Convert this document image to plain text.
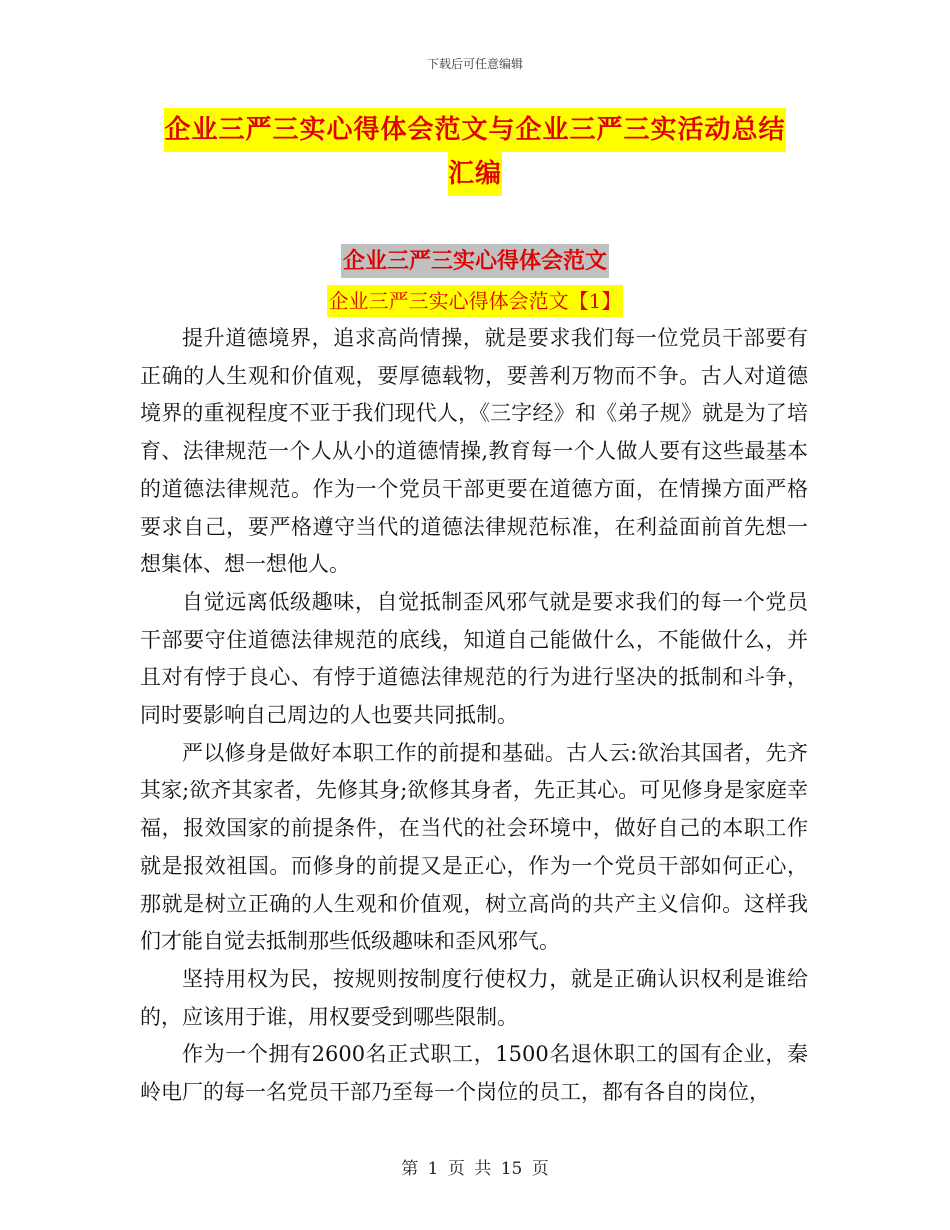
下载后可任意编辑
企业三严三实心得体会范文与企业三严三实活动总结
汇编
企业三严三实心得体会范文
企业三严三实心得体会范文【1】

提升道德境界，追求高尚情操，就是要求我们每一位党员干部要有正确的人生观和价值观，要厚德载物，要善利万物而不争。古人对道德境界的重视程度不亚于我们现代人，《三字经》和《弟子规》就是为了培育、法律规范一个人从小的道德情操,教育每一个人做人要有这些最基本的道德法律规范。作为一个党员干部更要在道德方面，在情操方面严格要求自己，要严格遵守当代的道德法律规范标准，在利益面前首先想一想集体、想一想他人。

自觉远离低级趣味，自觉抵制歪风邪气就是要求我们的每一个党员干部要守住道德法律规范的底线，知道自己能做什么，不能做什么，并且对有悖于良心、有悖于道德法律规范的行为进行坚决的抵制和斗争，同时要影响自己周边的人也要共同抵制。

严以修身是做好本职工作的前提和基础。古人云:欲治其国者，先齐其家;欲齐其家者，先修其身;欲修其身者，先正其心。可见修身是家庭幸福，报效国家的前提条件，在当代的社会环境中，做好自己的本职工作就是报效祖国。而修身的前提又是正心，作为一个党员干部如何正心，那就是树立正确的人生观和价值观，树立高尚的共产主义信仰。这样我们才能自觉去抵制那些低级趣味和歪风邪气。

坚持用权为民，按规则按制度行使权力，就是正确认识权利是谁给的，应该用于谁，用权要受到哪些限制。

作为一个拥有2600名正式职工，1500名退休职工的国有企业，秦岭电厂的每一名党员干部乃至每一个岗位的员工，都有各自的岗位，

第 1 页 共 15 页
